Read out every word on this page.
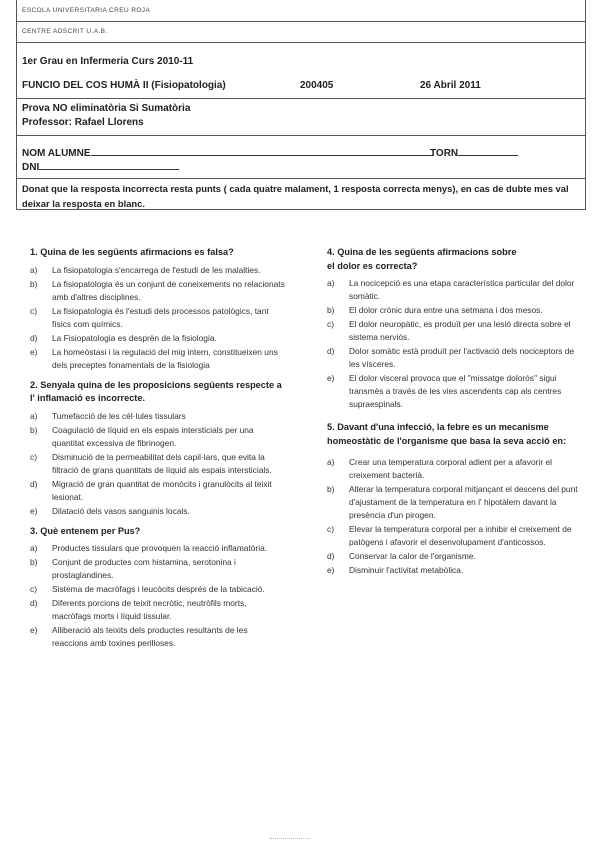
ESCOLA UNIVERSITARIA CREU ROJA
CENTRE ADSCRIT U.A.B.
1er Grau en Infermeria Curs 2010-11
FUNCIO DEL COS HUMÀ II (Fisiopatologia)	200405	26 Abril 2011
Prova NO eliminatòria Si Sumatòria
Professor: Rafael Llorens
NOM ALUMNE	TORN
DNI
Donat que la resposta incorrecta resta punts ( cada quatre malament, 1 resposta correcta menys), en cas de dubte mes val deixar la resposta en blanc.
1. Quina de les següents afirmacions es falsa?
a) La fisiopatologia s'encarrega de l'estudi de les malalties.
b) La fisiopatologia és un conjunt de coneixements no relacionats amb d'altres disciplines.
c) La fisiopatologia és l'estudi dels processos patològics, tant físics com químics.
d) La Fisiopatologia es desprèn de la fisiologia.
e) La homeòstasi i la regulació del mig intern, constitueixen uns dels preceptes fonamentals de la fisiologia
2. Senyala quina de les proposicions següents respecte a l' inflamació es incorrecte.
a) Tumefacció de les cèl·lules tissulars
b) Coagulació de líquid en els espais intersticials per una quantitat excessiva de fibrinogen.
c) Disminució de la permeabilitat dels capil·lars, que evita la filtració de grans quantitats de líquid als espais intersticials.
d) Migració de gran quantitat de monòcits i granulòcits al teixit lesionat.
e) Dilatació dels vasos sanguinis locals.
3. Què entenem per Pus?
a) Productes tissulars que provoquen la reacció inflamatòria.
b) Conjunt de productes com histamina, serotonina i prostaglandines.
c) Sistema de macròfags i leucòcits després de la tabicació.
d) Diferents porcions de teixit necròtic, neutròfils morts, macròfags morts i líquid tissular.
e) Alliberació als teixits dels productes resultants de les reaccions amb toxines perilloses.
4. Quina de les següents afirmacions sobre el dolor es correcta?
a) La nocicepció es una etapa característica particular del dolor somàtic.
b) El dolor crònic dura entre una setmana i dos mesos.
c) El dolor neuropàtic, es produït per una lesió directa sobre el sistema nerviós.
d) Dolor somàtic està produït per l'activació dels nociceptors de les vísceres.
e) El dolor visceral provoca que el "missatge dolorós" sigui transmès a través de les vies ascendents cap als centres supraespinals.
5. Davant d'una infecció, la febre es un mecanisme homeostàtic de l'organisme que basa la seva acció en:
a) Crear una temperatura corporal adient per a afavorir el creixement bacterià.
b) Alterar la temperatura corporal mitjançant el descens del punt d'ajustament de la temperatura en l' hipotàlem davant la presència d'un pirogen.
c) Elevar la temperatura corporal per a inhibir el creixement de patògens i afavorir el desenvolupament d'anticossos.
d) Conservar la calor de l'organisme.
e) Disminuir l'activitat metabòlica.
